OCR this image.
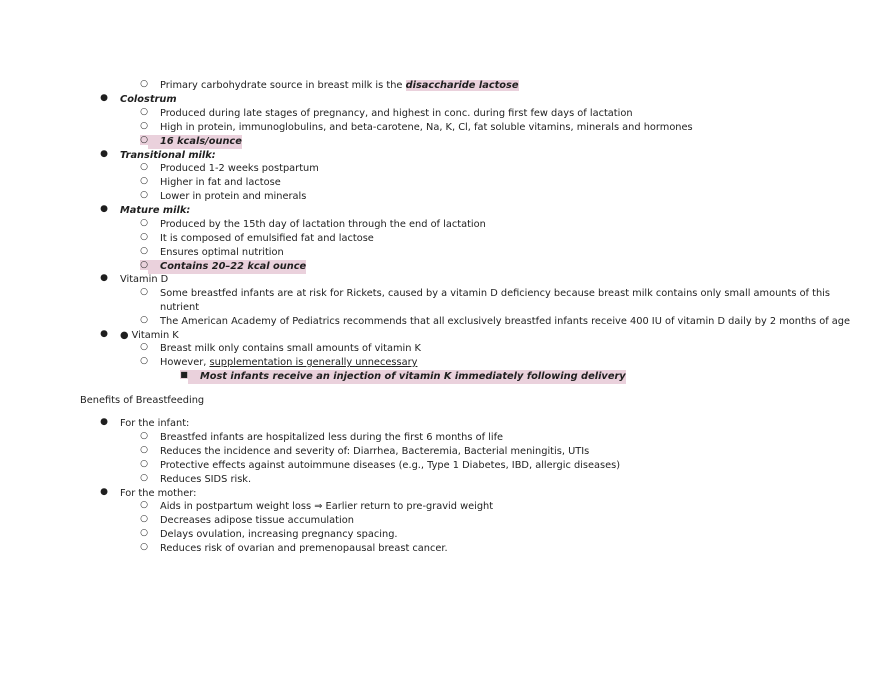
○ Primary carbohydrate source in breast milk is the disaccharide lactose
● Colostrum
○ Produced during late stages of pregnancy, and highest in conc. during first few days of lactation
○ High in protein, immunoglobulins, and beta-carotene, Na, K, Cl, fat soluble vitamins, minerals and hormones
○	16 kcals/ounce
● Transitional milk:
○ Produced 1-2 weeks postpartum
○ Higher in fat and lactose
○ Lower in protein and minerals
● Mature milk:
○ Produced by the 15th day of lactation through the end of lactation
○ It is composed of emulsified fat and lactose
○ Ensures optimal nutrition
○	Contains 20–22 kcal ounce
● Vitamin D
○ Some breastfed infants are at risk for Rickets, caused by a vitamin D deficiency because breast milk contains only small amounts of this
nutrient
○ The American Academy of Pediatrics recommends that all exclusively breastfed infants receive 400 IU of vitamin D daily by 2 months of age
● ● Vitamin K
○ Breast milk only contains small amounts of vitamin K
○ However, supplementation is generally unnecessary
■	Most infants receive an injection of vitamin K immediately following delivery
Benefits of Breastfeeding
● For the infant:
○ Breastfed infants are hospitalized less during the first 6 months of life
○ Reduces the incidence and severity of: Diarrhea, Bacteremia, Bacterial meningitis, UTIs
○ Protective effects against autoimmune diseases (e.g., Type 1 Diabetes, IBD, allergic diseases)
○ Reduces SIDS risk.
● For the mother:
○ Aids in postpartum weight loss ⇒ Earlier return to pre-gravid weight
○ Decreases adipose tissue accumulation
○ Delays ovulation, increasing pregnancy spacing.
○ Reduces risk of ovarian and premenopausal breast cancer.
